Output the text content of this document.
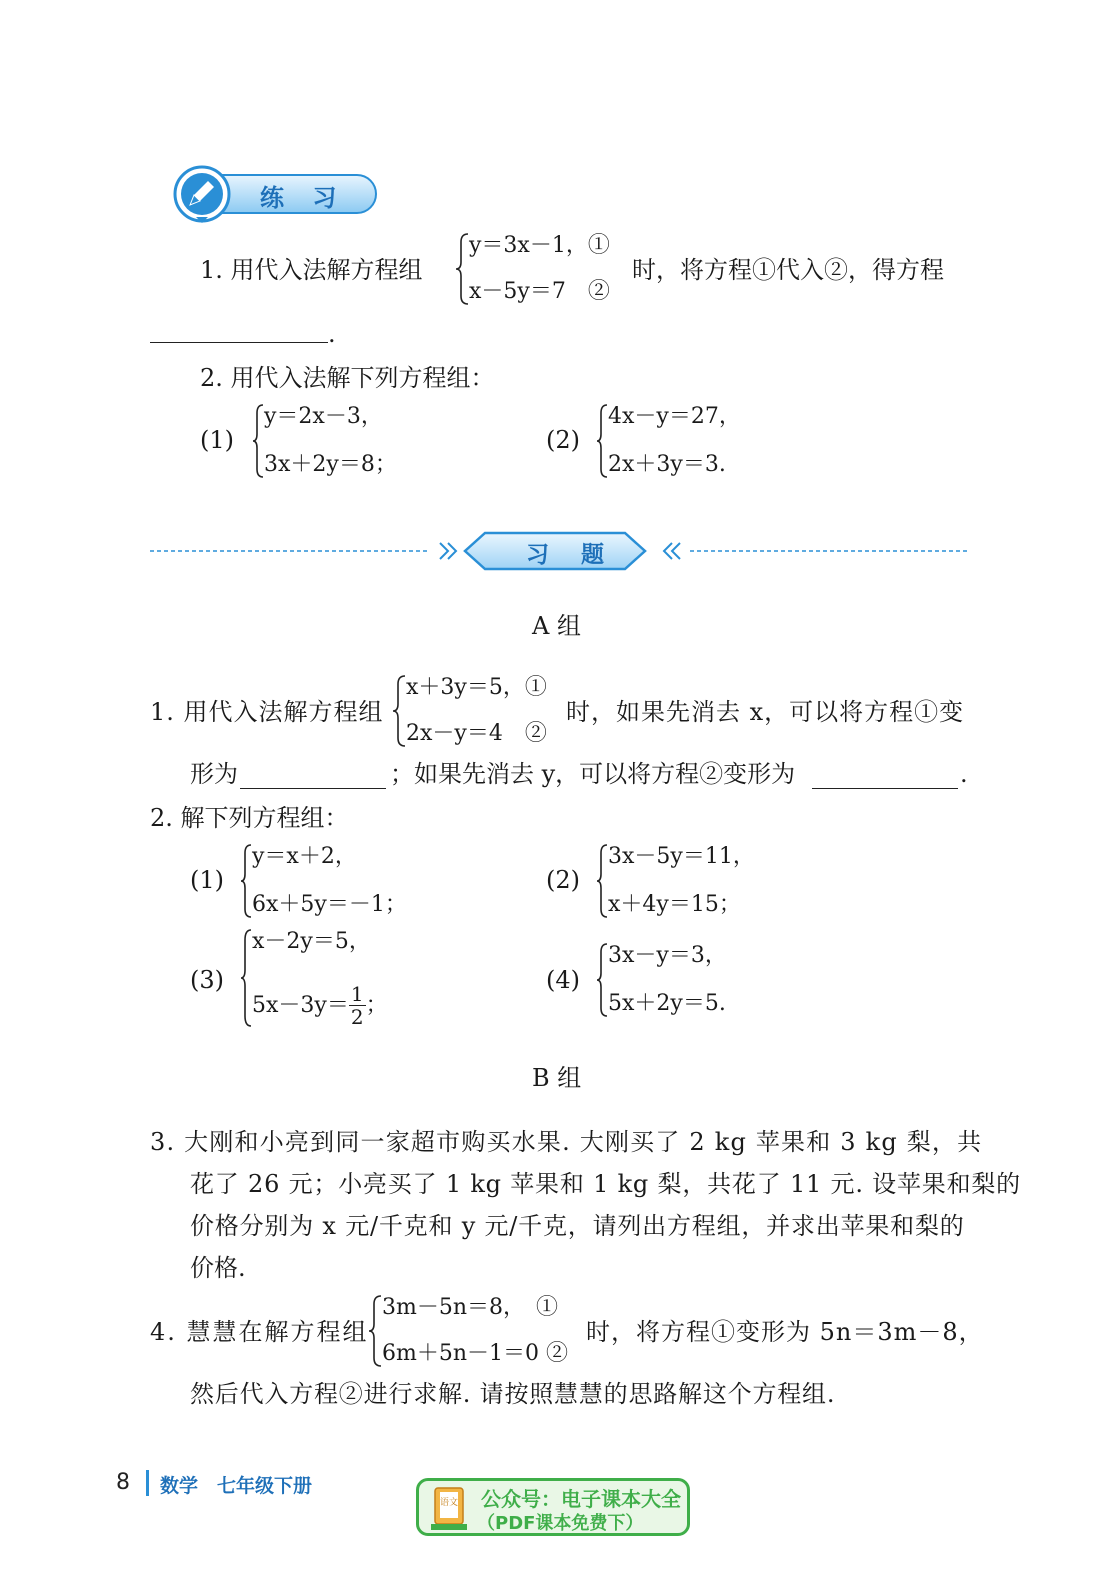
练 习
1. 用代入法解方程组
y＝3x－1，①
x－5y＝7　②
时，将方程①代入②，得方程
.
2. 用代入法解下列方程组：
(1)
y＝2x－3，
3x＋2y＝8；
(2)
4x－y＝27，
2x＋3y＝3.
习 题
A 组
1. 用代入法解方程组
x＋3y＝5，①
2x－y＝4　②
时，如果先消去 x，可以将方程①变
形为	；如果先消去 y，可以将方程②变形为	.
2. 解下列方程组：
(1)
y＝x＋2，
6x＋5y＝－1；
(2)
3x－5y＝11，
x＋4y＝15；
(3)
x－2y＝5，
$5x-3y= \frac{1}{2}$ ；
(4)
3x－y＝3，
5x＋2y＝5.
B 组
3. 大刚和小亮到同一家超市购买水果. 大刚买了 2 kg 苹果和 3 kg 梨，共
花了 26 元；小亮买了 1 kg 苹果和 1 kg 梨，共花了 11 元. 设苹果和梨的
价格分别为 x 元/千克和 y 元/千克，请列出方程组，并求出苹果和梨的
价格.
4. 慧慧在解方程组
3m－5n＝8，　①
6m＋5n－1＝0 ②
时，将方程①变形为 5n＝3m－8，
然后代入方程②进行求解. 请按照慧慧的思路解这个方程组.
8 数学　七年级下册
语文 公众号：电子课本大全
（PDF课本免费下）
